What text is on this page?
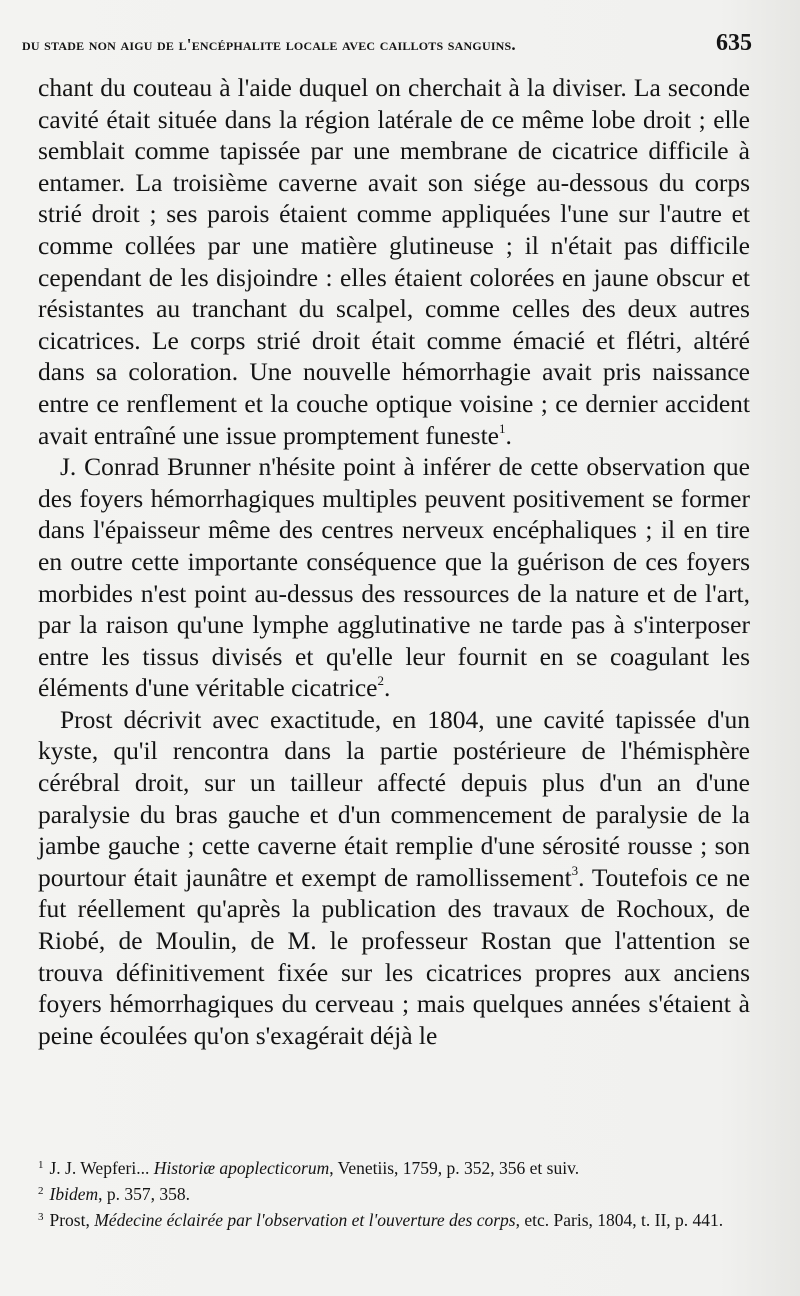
du stade non aigu de l'encéphalite locale avec caillots sanguins.	635

chant du couteau à l'aide duquel on cherchait à la diviser. La seconde cavité était située dans la région latérale de ce même lobe droit ; elle semblait comme tapissée par une membrane de cicatrice difficile à entamer. La troisième caverne avait son siége au-dessous du corps strié droit ; ses parois étaient comme appliquées l'une sur l'autre et comme collées par une matière glutineuse ; il n'était pas difficile cependant de les disjoindre : elles étaient colorées en jaune obscur et résistantes au tranchant du scalpel, comme celles des deux autres cicatrices. Le corps strié droit était comme émacié et flétri, altéré dans sa coloration. Une nouvelle hémorrhagie avait pris naissance entre ce renflement et la couche optique voisine ; ce dernier accident avait entraîné une issue promptement funeste$^1$.

J. Conrad Brunner n'hésite point à inférer de cette observation que des foyers hémorrhagiques multiples peuvent positivement se former dans l'épaisseur même des centres nerveux encéphaliques ; il en tire en outre cette importante conséquence que la guérison de ces foyers morbides n'est point au-dessus des ressources de la nature et de l'art, par la raison qu'une lymphe agglutinative ne tarde pas à s'interposer entre les tissus divisés et qu'elle leur fournit en se coagulant les éléments d'une véritable cicatrice$^2$.

Prost décrivit avec exactitude, en 1804, une cavité tapissée d'un kyste, qu'il rencontra dans la partie postérieure de l'hémisphère cérébral droit, sur un tailleur affecté depuis plus d'un an d'une paralysie du bras gauche et d'un commencement de paralysie de la jambe gauche ; cette caverne était remplie d'une sérosité rousse ; son pourtour était jaunâtre et exempt de ramollissement$^3$. Toutefois ce ne fut réellement qu'après la publication des travaux de Rochoux, de Riobé, de Moulin, de M. le professeur Rostan que l'attention se trouva définitivement fixée sur les cicatrices propres aux anciens foyers hémorrhagiques du cerveau ; mais quelques années s'étaient à peine écoulées qu'on s'exagérait déjà le

$^1$ J. J. Wepferi... Historiæ apoplecticorum, Venetiis, 1759, p. 352, 356 et suiv.

$^2$ Ibidem, p. 357, 358.

$^3$ Prost, Médecine éclairée par l'observation et l'ouverture des corps, etc. Paris, 1804, t. II, p. 441.
